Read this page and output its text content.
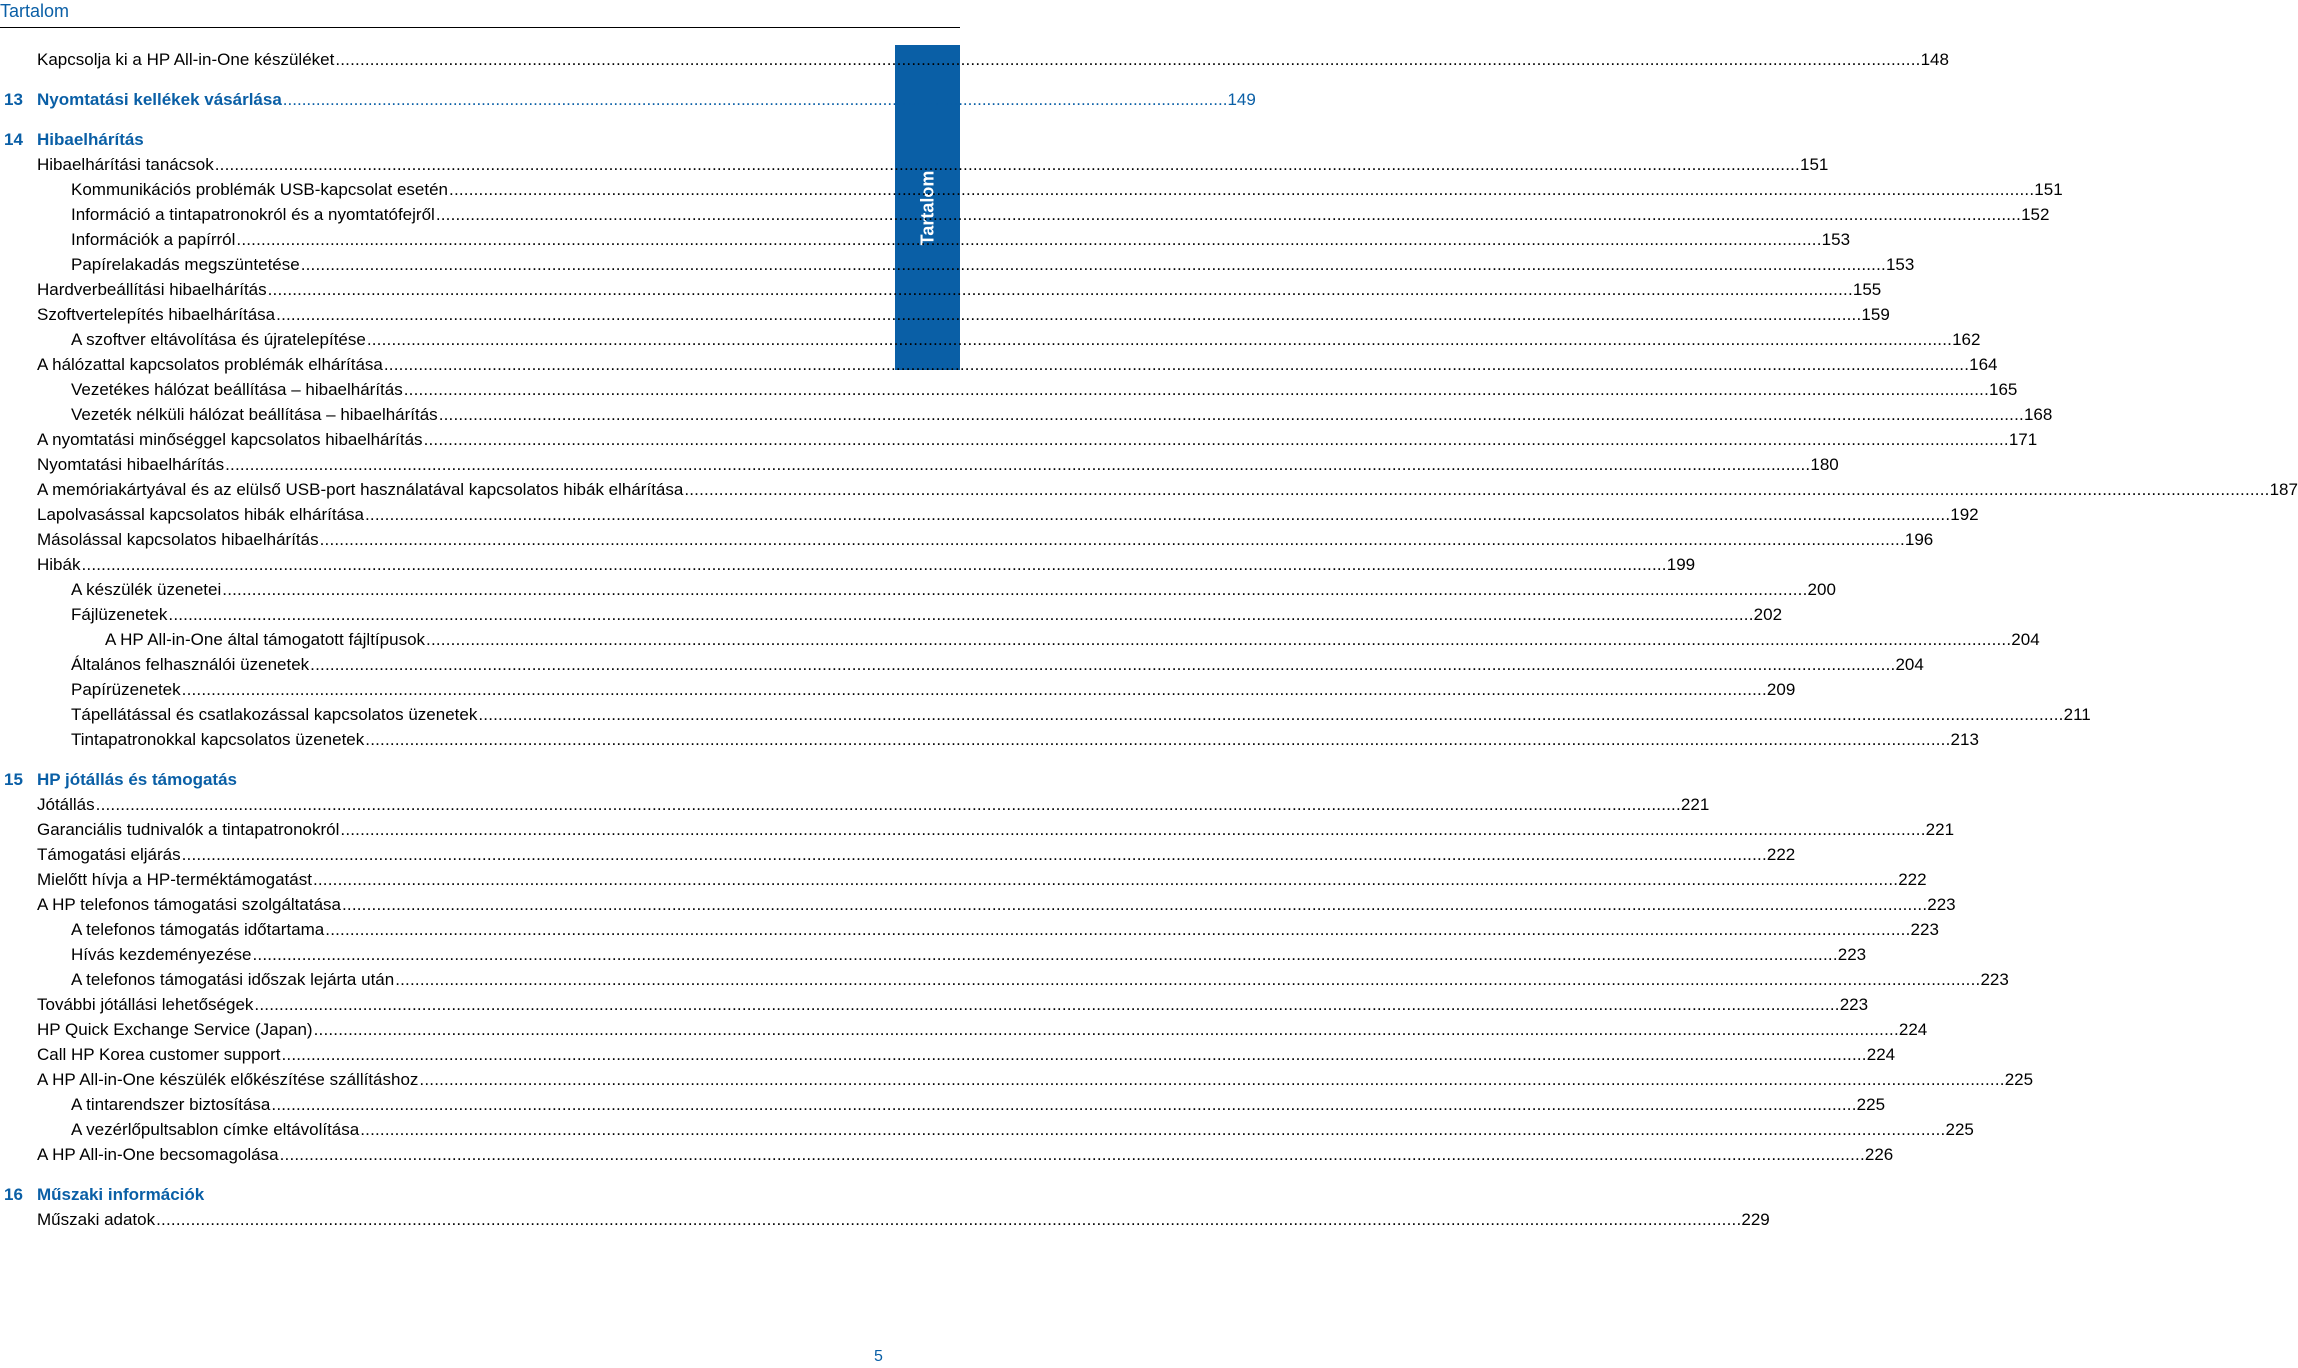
Tartalom
Tartalom
Kapcsolja ki a HP All-in-One készüléket .....	148
13 Nyomtatási kellékek vásárlása ........................................................................................................................................................................................................ 149
14 Hibaelhárítás
Hibaelhárítási tanácsok .....	151
Kommunikációs problémák USB-kapcsolat esetén .....	151
Információ a tintapatronokról és a nyomtatófejről .....	152
Információk a papírról .....	153
Papírelakadás megszüntetése .....	153
Hardverbeállítási hibaelhárítás .....	155
Szoftvertelepítés hibaelhárítása .....	159
A szoftver eltávolítása és újratelepítése .....	162
A hálózattal kapcsolatos problémák elhárítása .....	164
Vezetékes hálózat beállítása – hibaelhárítás .....	165
Vezeték nélküli hálózat beállítása – hibaelhárítás .....	168
A nyomtatási minőséggel kapcsolatos hibaelhárítás .....	171
Nyomtatási hibaelhárítás .....	180
A memóriakártyával és az elülső USB-port használatával kapcsolatos hibák elhárítása .....	187
Lapolvasással kapcsolatos hibák elhárítása .....	192
Másolással kapcsolatos hibaelhárítás .....	196
Hibák .....	199
A készülék üzenetei .....	200
Fájlüzenetek .....	202
A HP All-in-One által támogatott fájltípusok .....	204
Általános felhasználói üzenetek .....	204
Papírüzenetek .....	209
Tápellátással és csatlakozással kapcsolatos üzenetek .....	211
Tintapatronokkal kapcsolatos üzenetek .....	213
15 HP jótállás és támogatás
Jótállás .....	221
Garanciális tudnivalók a tintapatronokról .....	221
Támogatási eljárás .....	222
Mielőtt hívja a HP-terméktámogatást .....	222
A HP telefonos támogatási szolgáltatása .....	223
A telefonos támogatás időtartama .....	223
Hívás kezdeményezése .....	223
A telefonos támogatási időszak lejárta után .....	223
További jótállási lehetőségek .....	223
HP Quick Exchange Service (Japan) .....	224
Call HP Korea customer support .....	224
A HP All-in-One készülék előkészítése szállításhoz .....	225
A tintarendszer biztosítása .....	225
A vezérlőpultsablon címke eltávolítása .....	225
A HP All-in-One becsomagolása .....	226
16 Műszaki információk
Műszaki adatok .....	229
5
